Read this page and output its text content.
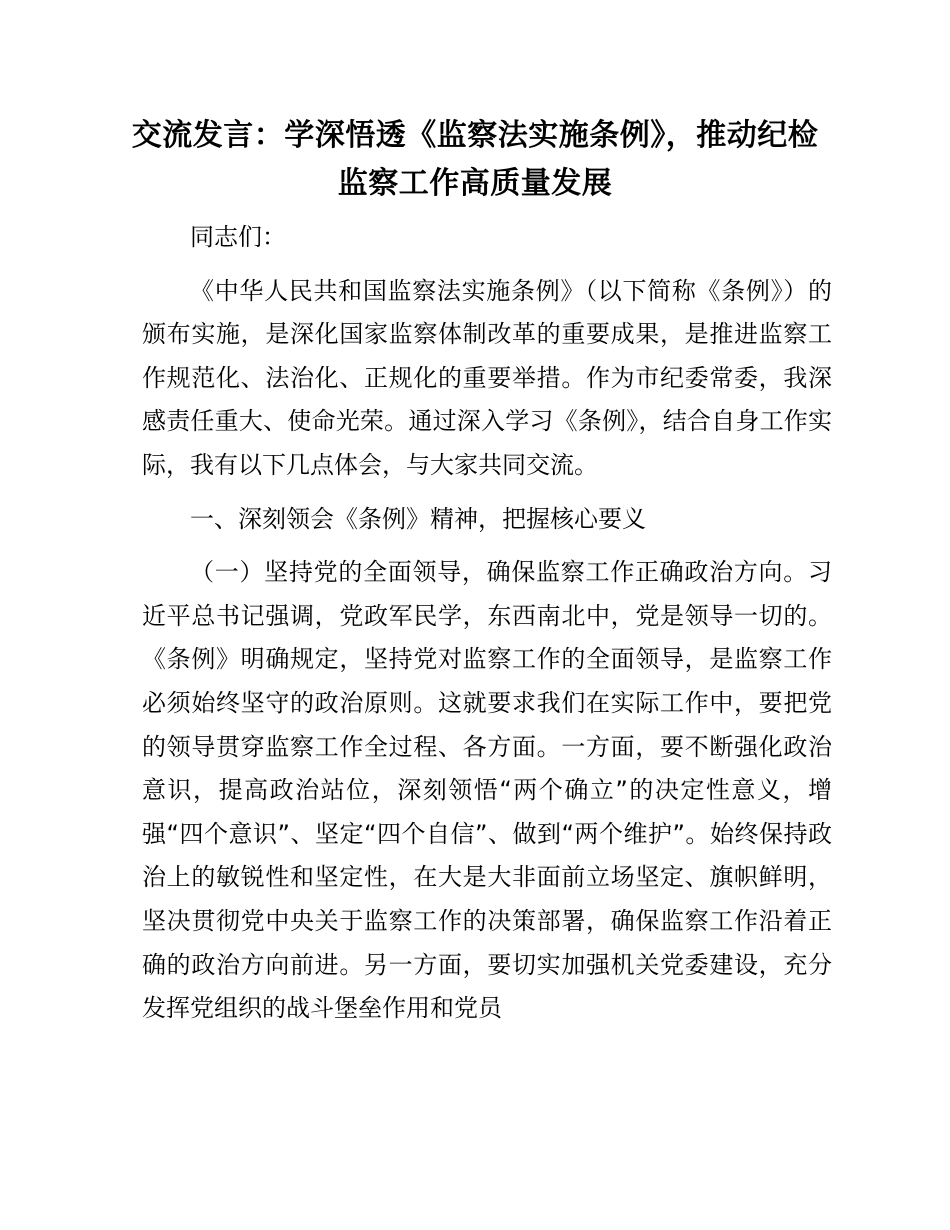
交流发言：学深悟透《监察法实施条例》，推动纪检监察工作高质量发展

同志们：

《中华人民共和国监察法实施条例》（以下简称《条例》）的颁布实施，是深化国家监察体制改革的重要成果，是推进监察工作规范化、法治化、正规化的重要举措。作为市纪委常委，我深感责任重大、使命光荣。通过深入学习《条例》，结合自身工作实际，我有以下几点体会，与大家共同交流。

一、深刻领会《条例》精神，把握核心要义

（一）坚持党的全面领导，确保监察工作正确政治方向。习近平总书记强调，党政军民学，东西南北中，党是领导一切的。《条例》明确规定，坚持党对监察工作的全面领导，是监察工作必须始终坚守的政治原则。这就要求我们在实际工作中，要把党的领导贯穿监察工作全过程、各方面。一方面，要不断强化政治意识，提高政治站位，深刻领悟“两个确立”的决定性意义，增强“四个意识”、坚定“四个自信”、做到“两个维护”。始终保持政治上的敏锐性和坚定性，在大是大非面前立场坚定、旗帜鲜明，坚决贯彻党中央关于监察工作的决策部署，确保监察工作沿着正确的政治方向前进。另一方面，要切实加强机关党委建设，充分发挥党组织的战斗堡垒作用和党员
